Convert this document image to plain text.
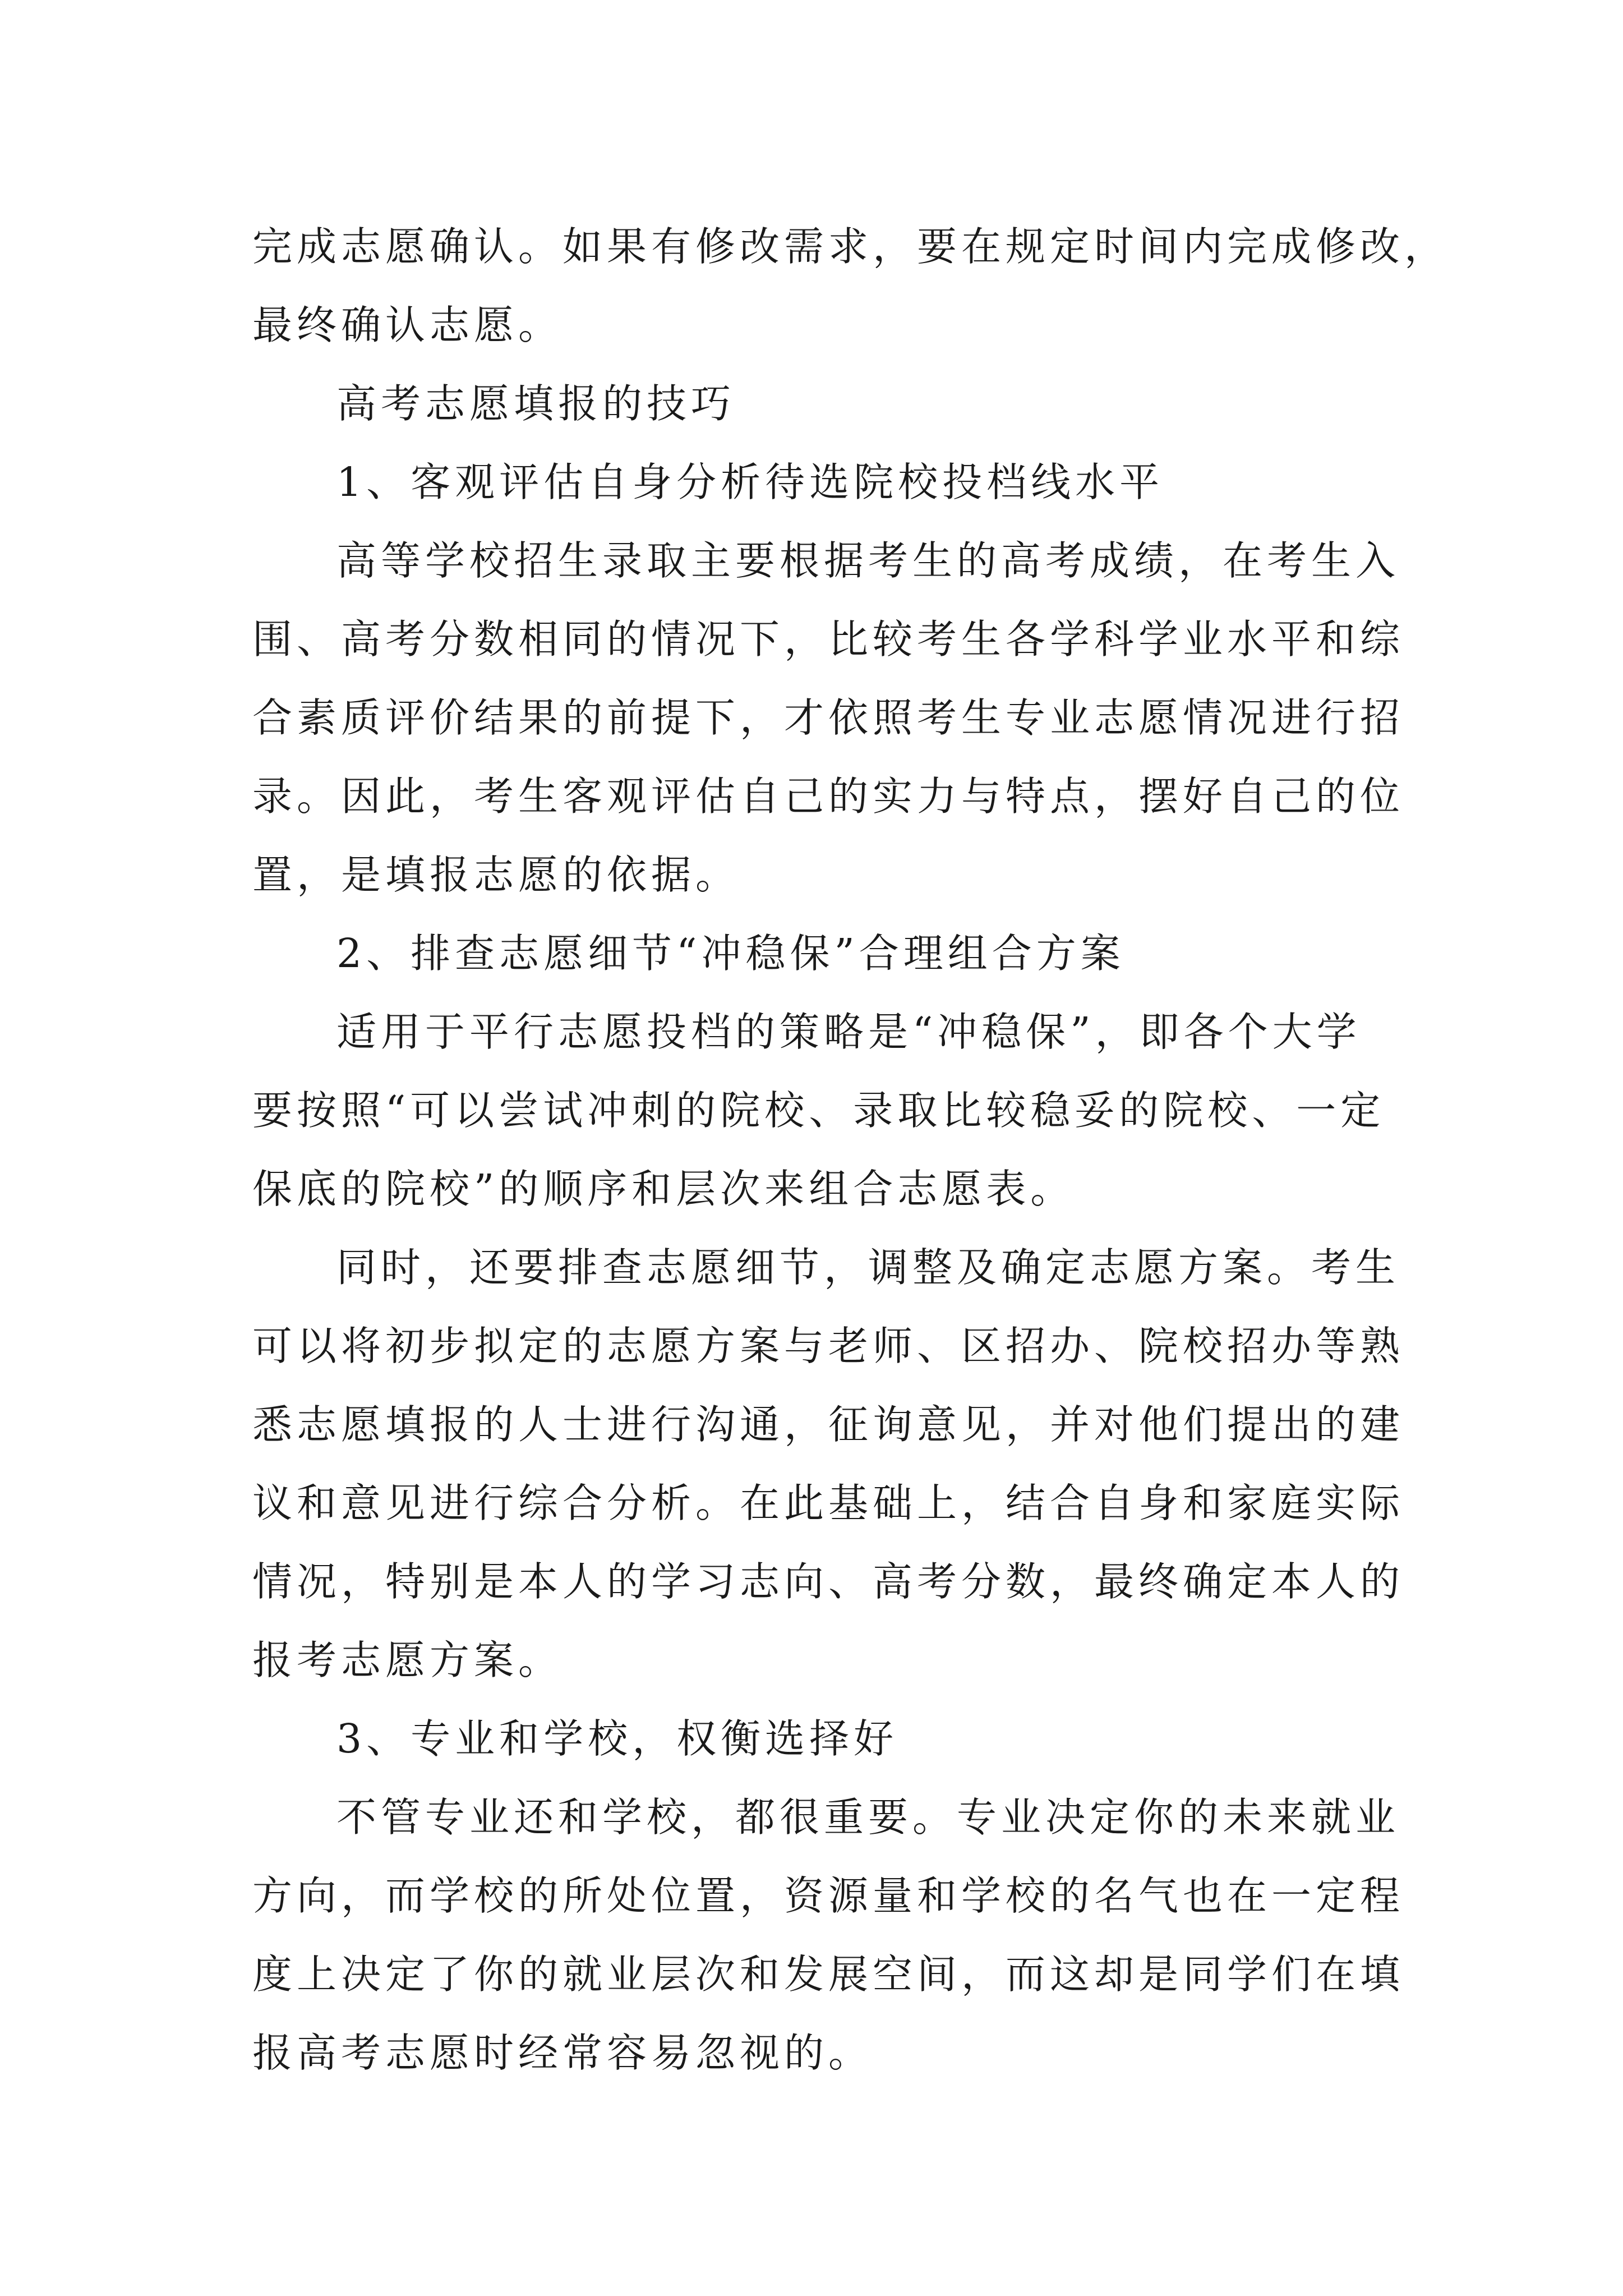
完成志愿确认。如果有修改需求，要在规定时间内完成修改，
最终确认志愿。
高考志愿填报的技巧
1、客观评估自身分析待选院校投档线水平
高等学校招生录取主要根据考生的高考成绩，在考生入
围、高考分数相同的情况下，比较考生各学科学业水平和综
合素质评价结果的前提下，才依照考生专业志愿情况进行招
录。因此，考生客观评估自己的实力与特点，摆好自己的位
置，是填报志愿的依据。
2、排查志愿细节“冲稳保”合理组合方案
适用于平行志愿投档的策略是“冲稳保”，即各个大学
要按照“可以尝试冲刺的院校、录取比较稳妥的院校、一定
保底的院校”的顺序和层次来组合志愿表。
同时，还要排查志愿细节，调整及确定志愿方案。考生
可以将初步拟定的志愿方案与老师、区招办、院校招办等熟
悉志愿填报的人士进行沟通，征询意见，并对他们提出的建
议和意见进行综合分析。在此基础上，结合自身和家庭实际
情况，特别是本人的学习志向、高考分数，最终确定本人的
报考志愿方案。
3、专业和学校，权衡选择好
不管专业还和学校，都很重要。专业决定你的未来就业
方向，而学校的所处位置，资源量和学校的名气也在一定程
度上决定了你的就业层次和发展空间，而这却是同学们在填
报高考志愿时经常容易忽视的。
